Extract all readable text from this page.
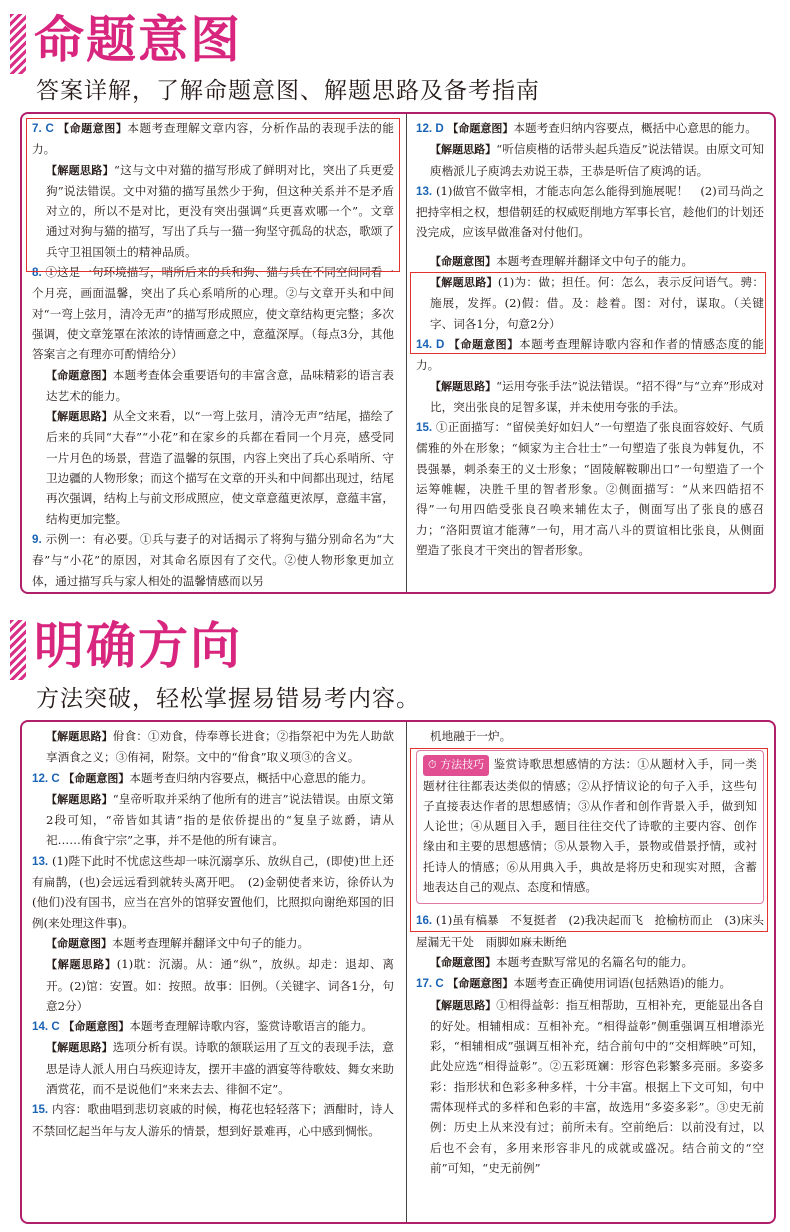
命题意图
答案详解，了解命题意图、解题思路及备考指南

7. C 【命题意图】本题考查理解文章内容，分析作品的表现手法的能力。

【解题思路】“这与文中对猫的描写形成了鲜明对比，突出了兵更爱狗”说法错误。文中对猫的描写虽然少于狗，但这种关系并不是矛盾对立的，所以不是对比，更没有突出强调“兵更喜欢哪一个”。文章通过对狗与猫的描写，写出了兵与一猫一狗坚守孤岛的状态，歌颂了兵守卫祖国领土的精神品质。

8. ①这是一句环境描写，哨所后来的兵和狗、猫与兵在不同空间同看一个月亮，画面温馨，突出了兵心系哨所的心理。②与文章开头和中间对“一弯上弦月，清冷无声”的描写形成照应，使文章结构更完整；多次强调，使文章笼罩在浓浓的诗情画意之中，意蕴深厚。（每点3分，其他答案言之有理亦可酌情给分）

【命题意图】本题考查体会重要语句的丰富含意，品味精彩的语言表达艺术的能力。

【解题思路】从全文来看，以“一弯上弦月，清冷无声”结尾，描绘了后来的兵同“大春”“小花”和在家乡的兵都在看同一个月亮，感受同一片月色的场景，营造了温馨的氛围，内容上突出了兵心系哨所、守卫边疆的人物形象；而这个描写在文章的开头和中间都出现过，结尾再次强调，结构上与前文形成照应，使文章意蕴更浓厚，意蕴丰富，结构更加完整。

9. 示例一：有必要。①兵与妻子的对话揭示了将狗与猫分别命名为“大春”与“小花”的原因，对其命名原因有了交代。②使人物形象更加立体，通过描写兵与家人相处的温馨情感而以另

12. D 【命题意图】本题考查归纳内容要点，概括中心意思的能力。

【解题思路】“听信庾楷的话带头起兵造反”说法错误。由原文可知庾楷派儿子庾鸿去劝说王恭，王恭是听信了庾鸿的话。

13. (1)做官不做宰相，才能志向怎么能得到施展呢！　(2)司马尚之把持宰相之权，想借朝廷的权威贬削地方军事长官，趁他们的计划还没完成，应该早做准备对付他们。

【命题意图】本题考查理解并翻译文中句子的能力。

【解题思路】(1)为：做；担任。何：怎么，表示反问语气。骋：施展，发挥。(2)假：借。及：趁着。图：对付，谋取。（关键字、词各1分，句意2分）

14. D 【命题意图】本题考查理解诗歌内容和作者的情感态度的能力。

【解题思路】“运用夸张手法”说法错误。“招不得”与“立弃”形成对比，突出张良的足智多谋，并未使用夸张的手法。

15. ①正面描写：“留侯美好如妇人”一句塑造了张良面容姣好、气质儒雅的外在形象；“倾家为主合壮士”一句塑造了张良为韩复仇，不畏强暴，刺杀秦王的义士形象；“固陵解鞍聊出口”一句塑造了一个运筹帷幄，决胜千里的智者形象。②侧面描写：“从来四皓招不得”一句用四皓受张良召唤来辅佐太子，侧面写出了张良的感召力；“洛阳贾谊才能薄”一句，用才高八斗的贾谊相比张良，从侧面塑造了张良才干突出的智者形象。

明确方向
方法突破，轻松掌握易错易考内容。

【解题思路】佾食：①劝食，侍奉尊长进食；②指祭祀中为先人助歆享酒食之义；③侑祠，附祭。文中的“佾食”取义项③的含义。

12. C 【命题意图】本题考查归纳内容要点，概括中心意思的能力。

【解题思路】“皇帝听取并采纳了他所有的进言”说法错误。由原文第2段可知，“帝皆如其请”指的是依侨提出的“复皇子竑爵，请从祀……侑食宁宗”之事，并不是他的所有谏言。

13. (1)陛下此时不忧虑这些却一味沉溺享乐、放纵自己，(即使)世上还有扁鹊，(也)会远远看到就转头离开吧。　(2)金朝使者来访，徐侨认为(他们)没有国书，应当在宫外的馆驿安置他们，比照拟向谢绝郑国的旧例(来处理这件事)。

【命题意图】本题考查理解并翻译文中句子的能力。

【解题思路】(1)耽：沉溺。从：通“纵”，放纵。却走：退却、离开。(2)馆：安置。如：按照。故事：旧例。（关键字、词各1分，句意2分）

14. C 【命题意图】本题考查理解诗歌内容，鉴赏诗歌语言的能力。

【解题思路】选项分析有误。诗歌的颔联运用了互文的表现手法，意思是诗人派人用白马疾迎诗友，摆开丰盛的酒宴等待歌妓、舞女来助酒赏花，而不是说他们“来来去去、徘徊不定”。

15. 内容：歌曲唱到悲切哀戚的时候，梅花也轻轻落下；酒酣时，诗人不禁回忆起当年与友人游乐的情景，想到好景难再，心中感到惆怅。

机地融于一炉。

⏱ 方法技巧 鉴赏诗歌思想感情的方法：①从题材入手，同一类题材往往都表达类似的情感；②从抒情议论的句子入手，这些句子直接表达作者的思想感情；③从作者和创作背景入手，做到知人论世；④从题目入手，题目往往交代了诗歌的主要内容、创作缘由和主要的思想感情；⑤从景物入手，景物或借景抒情，或衬托诗人的情感；⑥从用典入手，典故是将历史和现实对照，含蓄地表达自己的观点、态度和情感。

16. (1)虽有槁暴　不复挺者　(2)我决起而飞　抢榆枋而止　(3)床头屋漏无干处　雨脚如麻未断绝

【命题意图】本题考查默写常见的名篇名句的能力。

17. C 【命题意图】本题考查正确使用词语(包括熟语)的能力。

【解题思路】①相得益彰：指互相帮助，互相补充，更能显出各自的好处。相辅相成：互相补充。“相得益彰”侧重强调互相增添光彩，“相辅相成”强调互相补充，结合前句中的“交相辉映”可知，此处应选“相得益彰”。②五彩斑斓：形容色彩繁多亮丽。多姿多彩：指形状和色彩多种多样，十分丰富。根据上下文可知，句中需体现样式的多样和色彩的丰富，故选用“多姿多彩”。③史无前例：历史上从来没有过；前所未有。空前绝后：以前没有过，以后也不会有，多用来形容非凡的成就或盛况。结合前文的“空前”可知，“史无前例”
